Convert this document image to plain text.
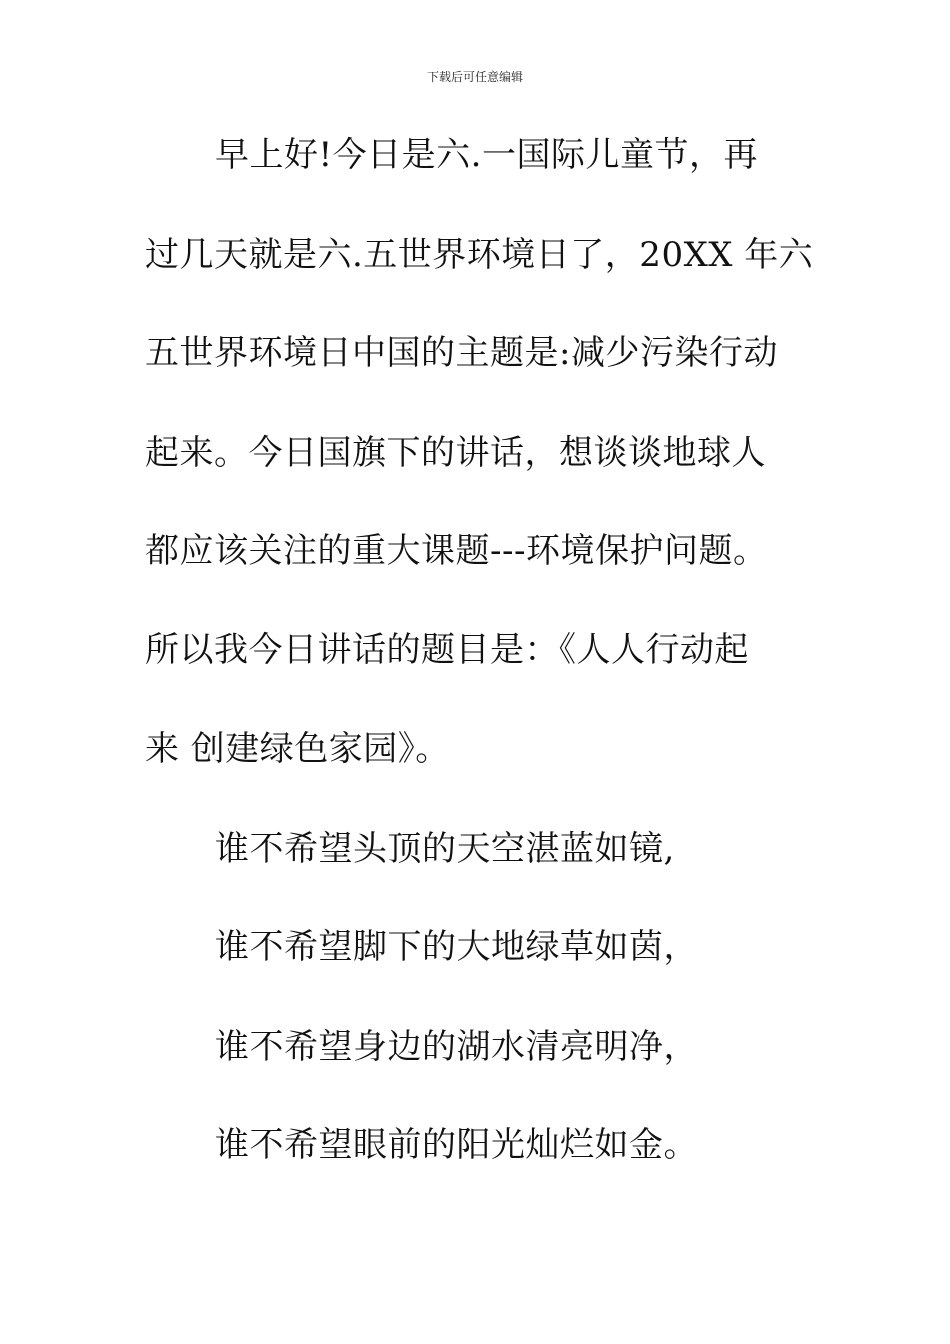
下载后可任意编辑
早上好!今日是六.一国际儿童节，再
过几天就是六.五世界环境日了，20XX 年六
五世界环境日中国的主题是:减少污染行动
起来。今日国旗下的讲话，想谈谈地球人
都应该关注的重大课题---环境保护问题。
所以我今日讲话的题目是：《人人行动起
来 创建绿色家园》。
谁不希望头顶的天空湛蓝如镜,
谁不希望脚下的大地绿草如茵，
谁不希望身边的湖水清亮明净，
谁不希望眼前的阳光灿烂如金。
